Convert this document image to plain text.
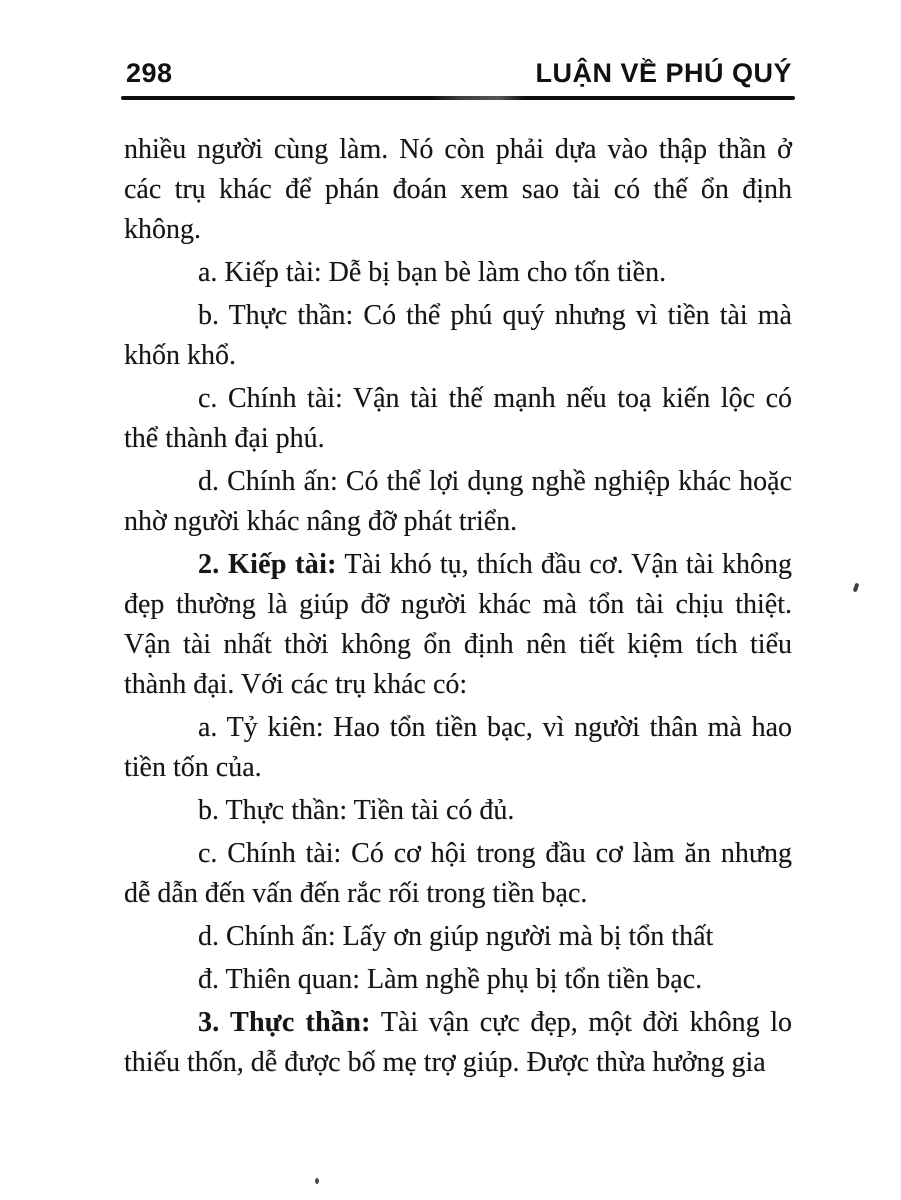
298	LUẬN VỀ PHÚ QUÝ

nhiều người cùng làm. Nó còn phải dựa vào thập thần ở các trụ khác để phán đoán xem sao tài có thế ổn định không.

a. Kiếp tài: Dễ bị bạn bè làm cho tốn tiền.

b. Thực thần: Có thể phú quý nhưng vì tiền tài mà khốn khổ.

c. Chính tài: Vận tài thế mạnh nếu toạ kiến lộc có thể thành đại phú.

d. Chính ấn: Có thể lợi dụng nghề nghiệp khác hoặc nhờ người khác nâng đỡ phát triển.

2. Kiếp tài: Tài khó tụ, thích đầu cơ. Vận tài không đẹp thường là giúp đỡ người khác mà tổn tài chịu thiệt. Vận tài nhất thời không ổn định nên tiết kiệm tích tiểu thành đại. Với các trụ khác có:

a. Tỷ kiên: Hao tổn tiền bạc, vì người thân mà hao tiền tốn của.

b. Thực thần: Tiền tài có đủ.

c. Chính tài: Có cơ hội trong đầu cơ làm ăn nhưng dễ dẫn đến vấn đến rắc rối trong tiền bạc.

d. Chính ấn: Lấy ơn giúp người mà bị tổn thất

đ. Thiên quan: Làm nghề phụ bị tổn tiền bạc.

3. Thực thần: Tài vận cực đẹp, một đời không lo thiếu thốn, dễ được bố mẹ trợ giúp. Được thừa hưởng gia
